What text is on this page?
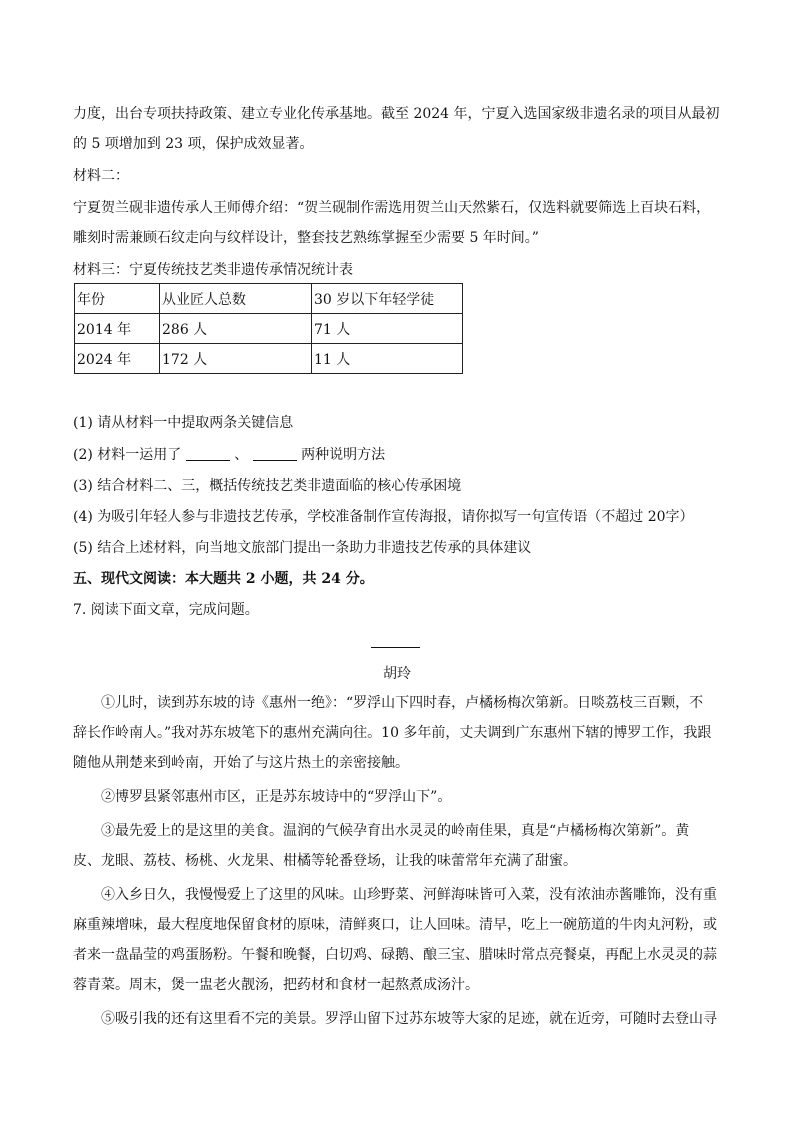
力度，出台专项扶持政策、建立专业化传承基地。截至 2024 年，宁夏入选国家级非遗名录的项目从最初
的 5 项增加到 23 项，保护成效显著。
材料二：
宁夏贺兰砚非遗传承人王师傅介绍：“贺兰砚制作需选用贺兰山天然紫石，仅选料就要筛选上百块石料，
雕刻时需兼顾石纹走向与纹样设计，整套技艺熟练掌握至少需要 5 年时间。”
材料三：宁夏传统技艺类非遗传承情况统计表
年份	从业匠人总数	30 岁以下年轻学徒
2014 年	286 人	71 人
2024 年	172 人	11 人
(1) 请从材料一中提取两条关键信息
(2) 材料一运用了	、	两种说明方法
(3) 结合材料二、三，概括传统技艺类非遗面临的核心传承困境
(4) 为吸引年轻人参与非遗技艺传承，学校准备制作宣传海报，请你拟写一句宣传语（不超过 20字）
(5) 结合上述材料，向当地文旅部门提出一条助力非遗技艺传承的具体建议
五、现代文阅读：本大题共 2 小题，共 24 分。
7. 阅读下面文章，完成问题。
胡玲
①儿时，读到苏东坡的诗《惠州一绝》：“罗浮山下四时春，卢橘杨梅次第新。日啖荔枝三百颗，不
辞长作岭南人。”我对苏东坡笔下的惠州充满向往。10 多年前，丈夫调到广东惠州下辖的博罗工作，我跟
随他从荆楚来到岭南，开始了与这片热土的亲密接触。
②博罗县紧邻惠州市区，正是苏东坡诗中的“罗浮山下”。
③最先爱上的是这里的美食。温润的气候孕育出水灵灵的岭南佳果，真是“卢橘杨梅次第新”。黄
皮、龙眼、荔枝、杨桃、火龙果、柑橘等轮番登场，让我的味蕾常年充满了甜蜜。
④入乡日久，我慢慢爱上了这里的风味。山珍野菜、河鲜海味皆可入菜，没有浓油赤酱雕饰，没有重
麻重辣增味，最大程度地保留食材的原味，清鲜爽口，让人回味。清早，吃上一碗筋道的牛肉丸河粉，或
者来一盘晶莹的鸡蛋肠粉。午餐和晚餐，白切鸡、碌鹅、酿三宝、腊味时常点亮餐桌，再配上水灵灵的蒜
蓉青菜。周末，煲一盅老火靓汤，把药材和食材一起熬煮成汤汁。
⑤吸引我的还有这里看不完的美景。罗浮山留下过苏东坡等大家的足迹，就在近旁，可随时去登山寻
